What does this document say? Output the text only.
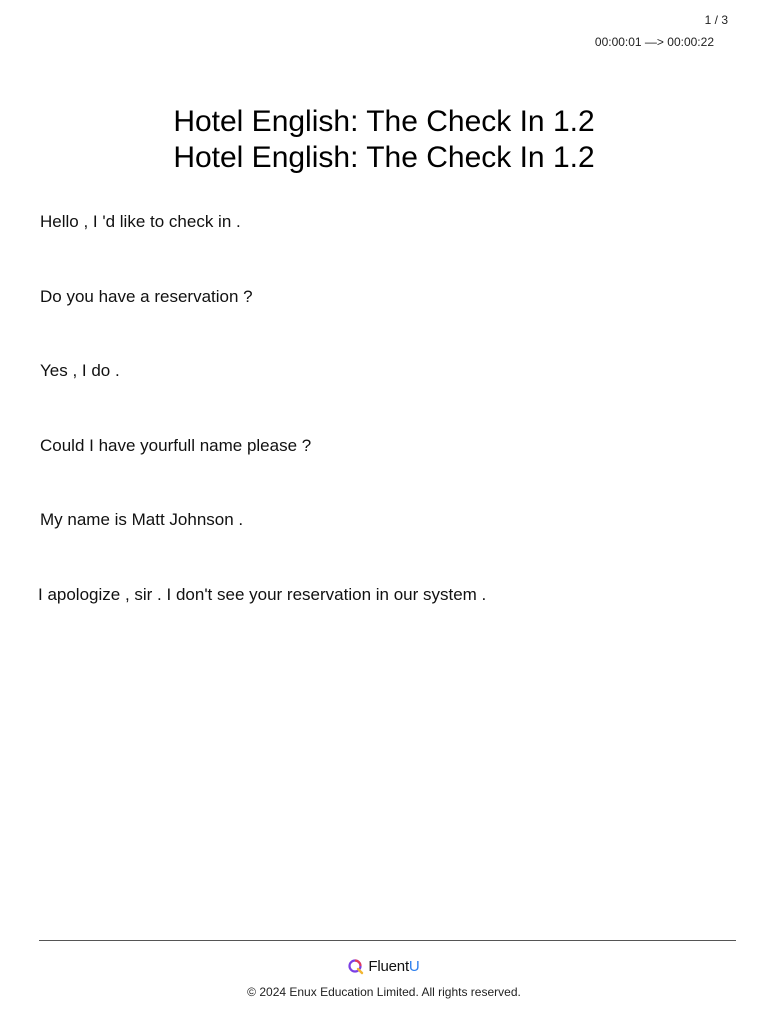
1 / 3
00:00:01 —> 00:00:22
Hotel English: The Check In 1.2
Hotel English: The Check In 1.2
Hello , I 'd like to check in .
Do you have a reservation ?
Yes , I do .
Could I have yourfull name please ?
My name is Matt Johnson .
I apologize , sir . I don't see your reservation in our system .
FluentU
© 2024 Enux Education Limited. All rights reserved.
